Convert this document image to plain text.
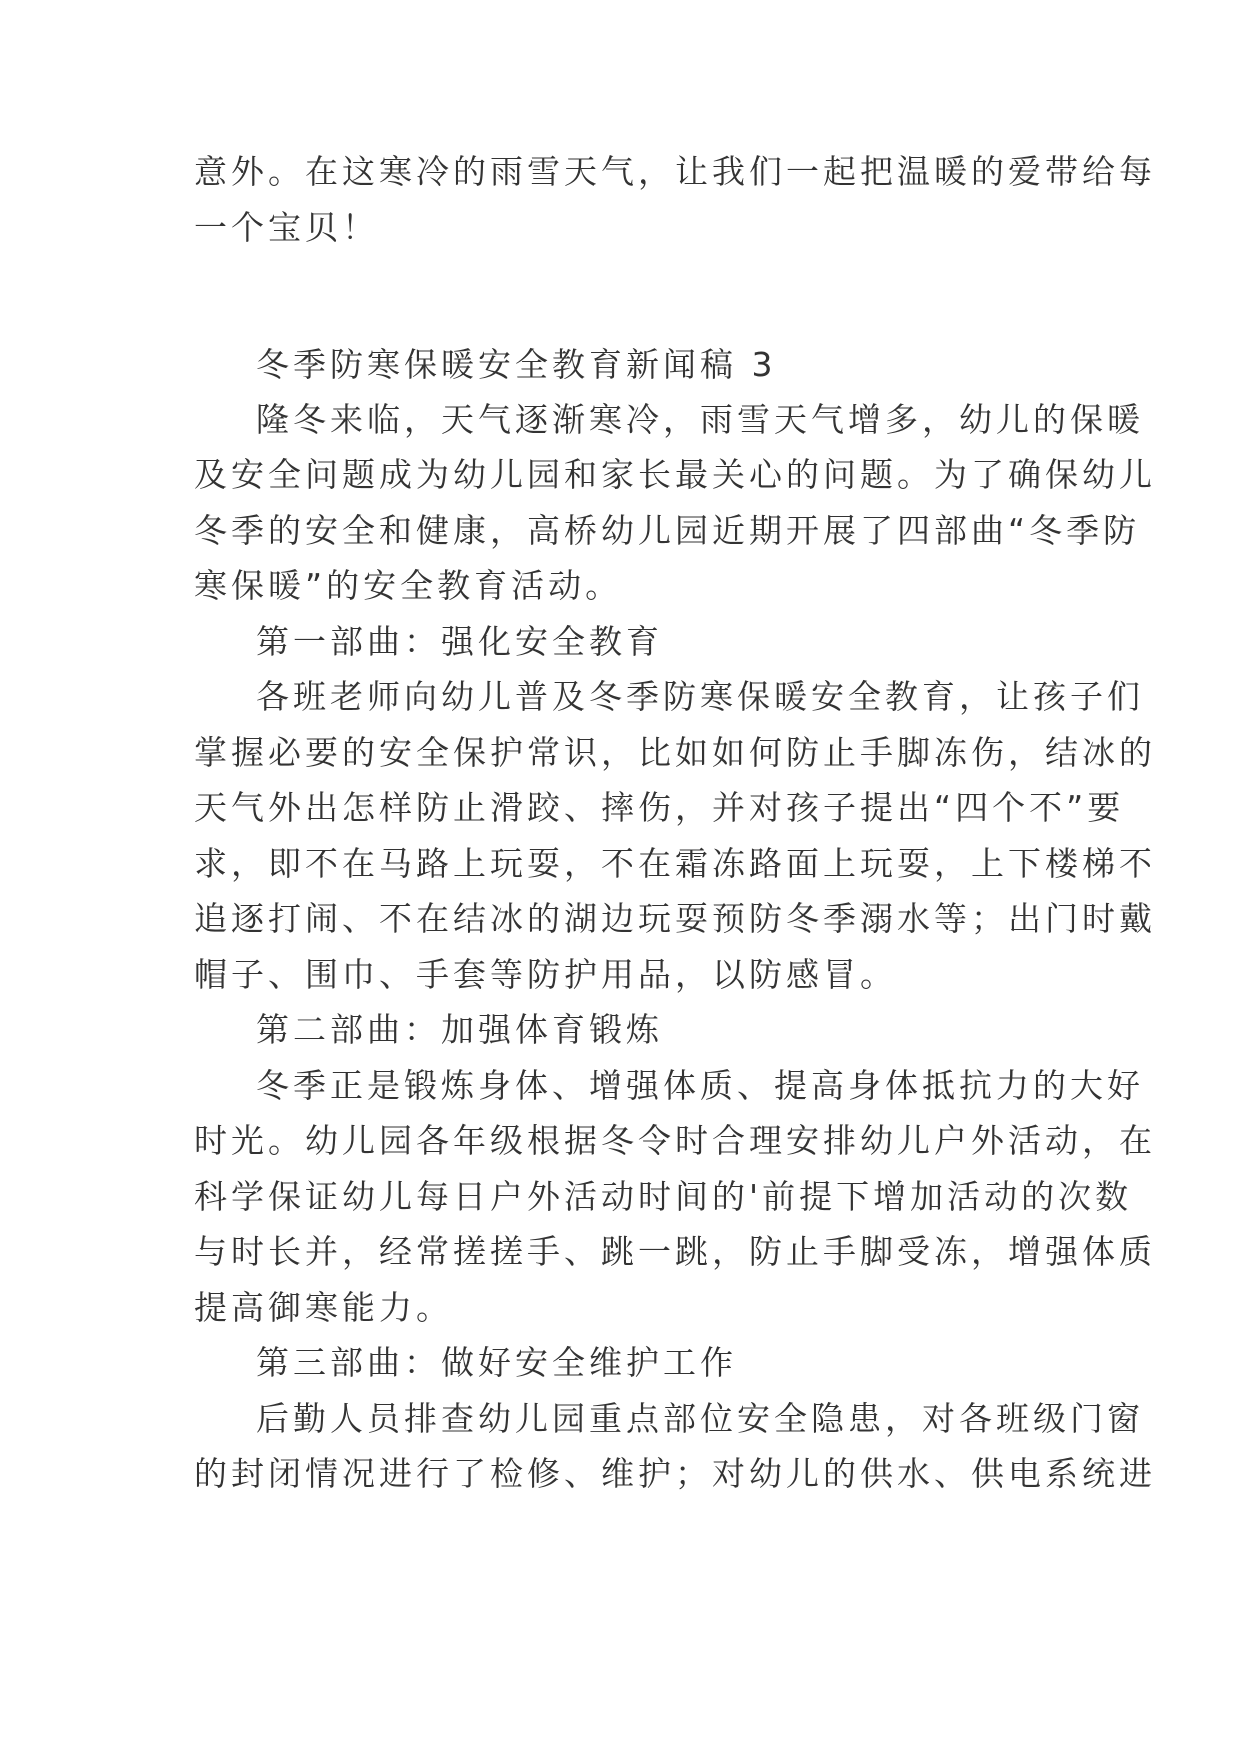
意外。在这寒冷的雨雪天气，让我们一起把温暖的爱带给每
一个宝贝！
冬季防寒保暖安全教育新闻稿 3
隆冬来临，天气逐渐寒冷，雨雪天气增多，幼儿的保暖
及安全问题成为幼儿园和家长最关心的问题。为了确保幼儿
冬季的安全和健康，高桥幼儿园近期开展了四部曲“冬季防
寒保暖”的安全教育活动。
第一部曲：强化安全教育
各班老师向幼儿普及冬季防寒保暖安全教育，让孩子们
掌握必要的安全保护常识，比如如何防止手脚冻伤，结冰的
天气外出怎样防止滑跤、摔伤，并对孩子提出“四个不”要
求，即不在马路上玩耍，不在霜冻路面上玩耍，上下楼梯不
追逐打闹、不在结冰的湖边玩耍预防冬季溺水等；出门时戴
帽子、围巾、手套等防护用品，以防感冒。
第二部曲：加强体育锻炼
冬季正是锻炼身体、增强体质、提高身体抵抗力的大好
时光。幼儿园各年级根据冬令时合理安排幼儿户外活动，在
科学保证幼儿每日户外活动时间的'前提下增加活动的次数
与时长并，经常搓搓手、跳一跳，防止手脚受冻，增强体质
提高御寒能力。
第三部曲：做好安全维护工作
后勤人员排查幼儿园重点部位安全隐患，对各班级门窗
的封闭情况进行了检修、维护；对幼儿的供水、供电系统进
